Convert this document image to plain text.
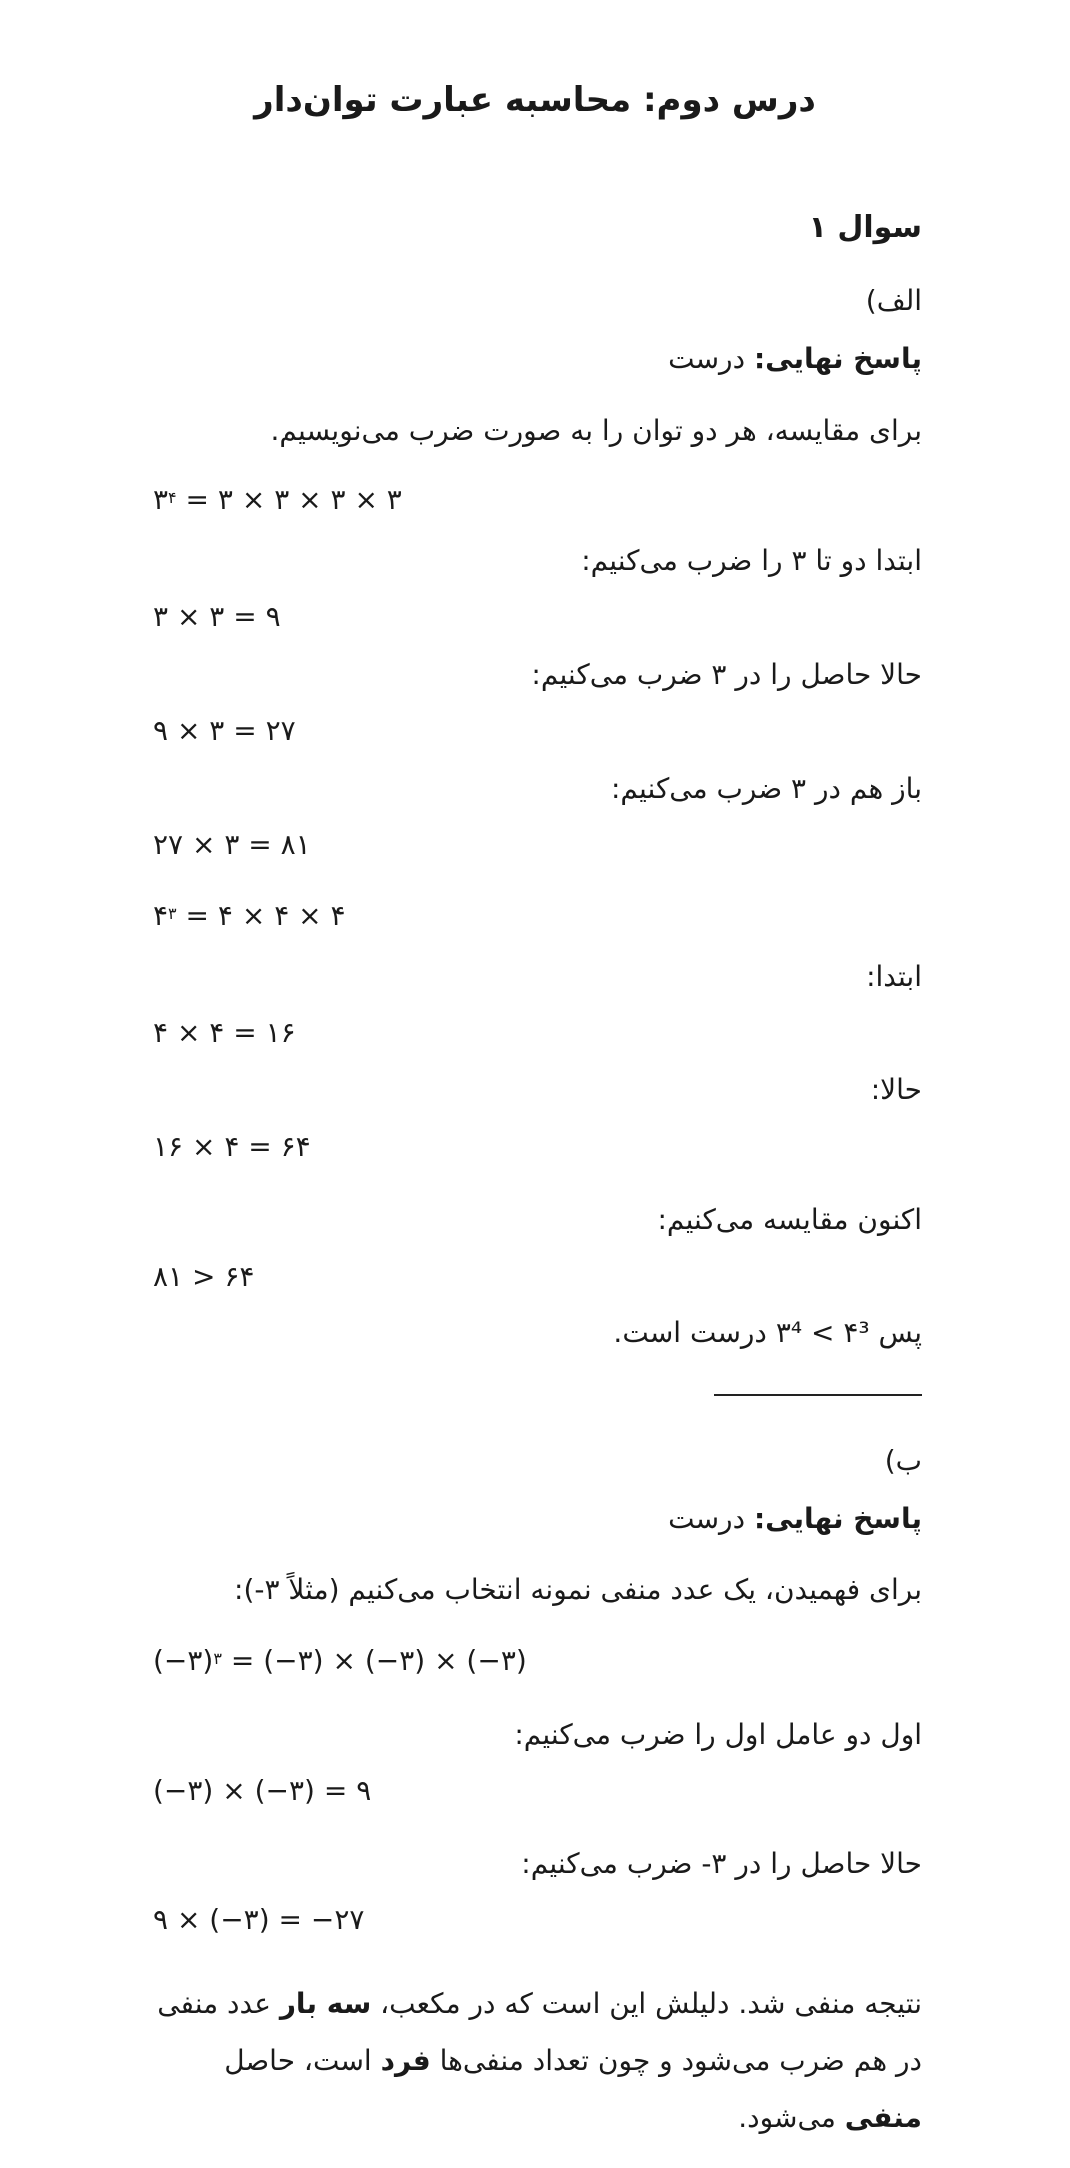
درس دوم: محاسبه عبارت توان‌دار
سوال ۱
الف)
پاسخ نهایی: درست
برای مقایسه، هر دو توان را به صورت ضرب می‌نویسیم.
$۳^۴$ = ۳ × ۳ × ۳ × ۳
ابتدا دو تا ۳ را ضرب می‌کنیم:
۳ × ۳ = ۹
حالا حاصل را در ۳ ضرب می‌کنیم:
۹ × ۳ = ۲۷
باز هم در ۳ ضرب می‌کنیم:
۲۷ × ۳ = ۸۱
$۴^۳$ = ۴ × ۴ × ۴
ابتدا:
۴ × ۴ = ۱۶
حالا:
۱۶ × ۴ = ۶۴
اکنون مقایسه می‌کنیم:
۸۱ > ۶۴
پس ۴³ > ۳⁴ درست است.
ب)
پاسخ نهایی: درست
برای فهمیدن، یک عدد منفی نمونه انتخاب می‌کنیم (مثلاً ۳-):
(−۳)$^۳$ = (−۳) × (−۳) × (−۳)
اول دو عامل اول را ضرب می‌کنیم:
(−۳) × (−۳) = ۹
حالا حاصل را در ۳- ضرب می‌کنیم:
۹ × (−۳) = −۲۷
نتیجه منفی شد. دلیلش این است که در مکعب، سه بار عدد منفی در هم ضرب می‌شود و چون تعداد منفی‌ها فرد است، حاصل منفی می‌شود.
